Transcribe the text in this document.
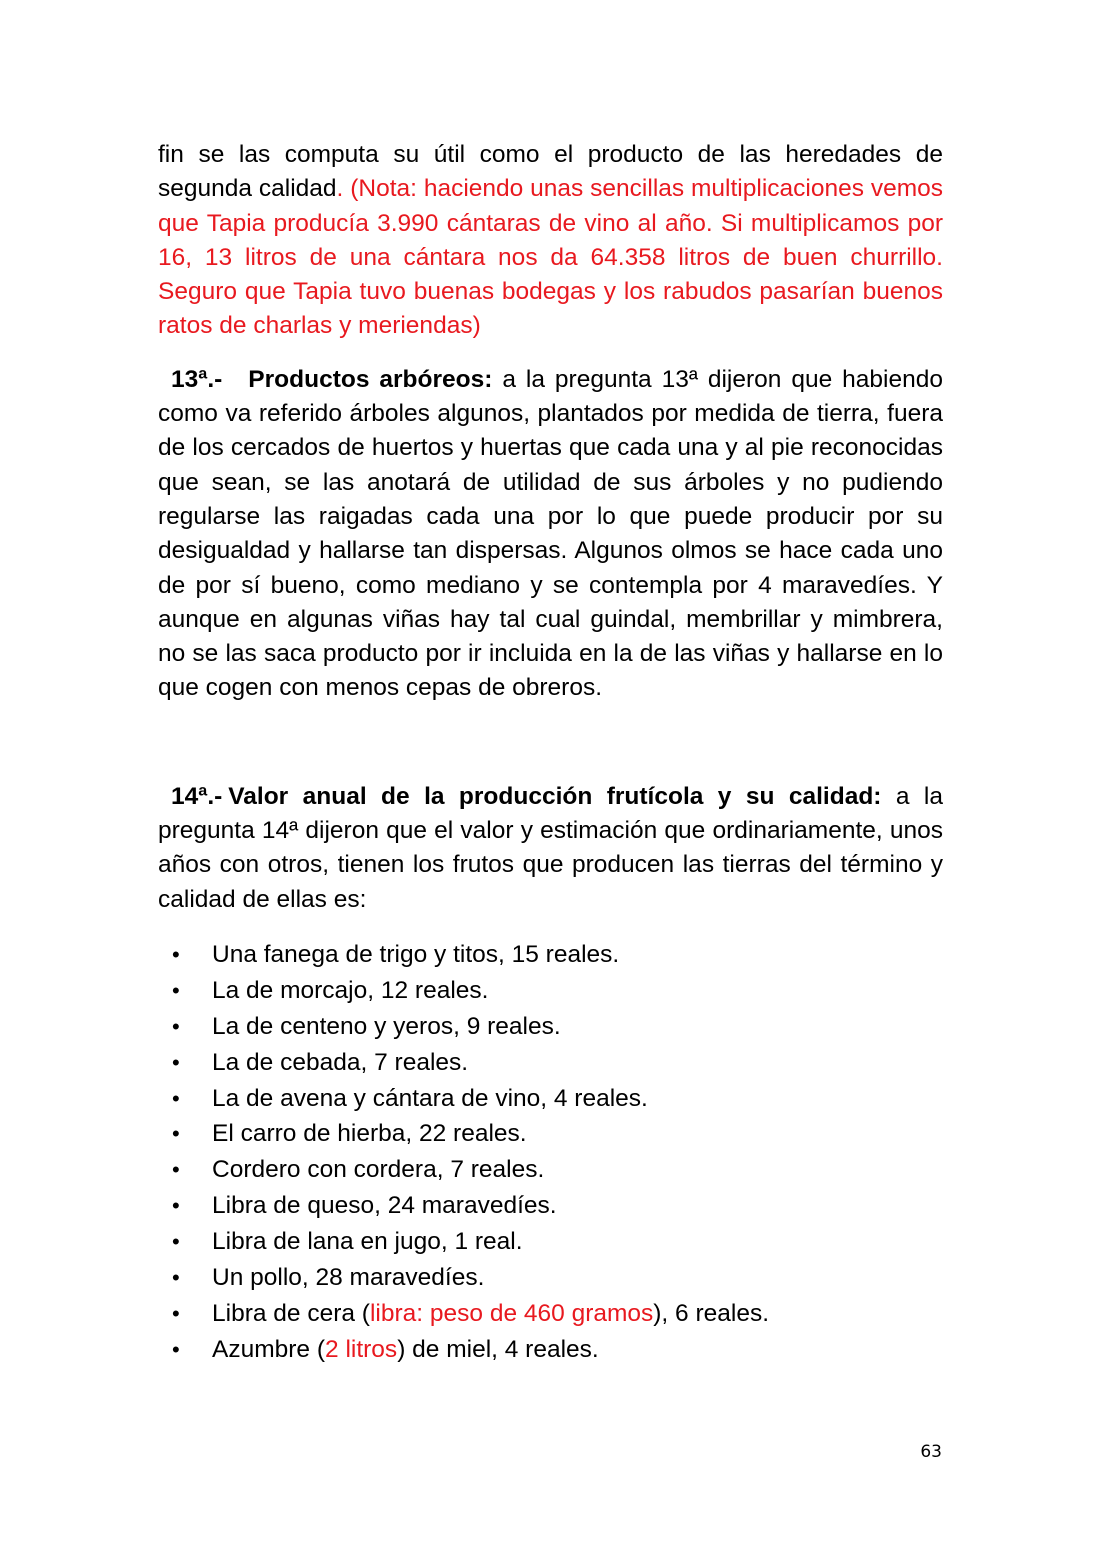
fin se las computa su útil como el producto de las heredades de segunda calidad. (Nota: haciendo unas sencillas multiplicaciones vemos que Tapia producía 3.990 cántaras de vino al año. Si multiplicamos por 16, 13 litros de una cántara nos da 64.358 litros de buen churrillo. Seguro que Tapia tuvo buenas bodegas y los rabudos pasarían buenos ratos de charlas y meriendas)

13ª.- Productos arbóreos: a la pregunta 13ª dijeron que habiendo como va referido árboles algunos, plantados por medida de tierra, fuera de los cercados de huertos y huertas que cada una y al pie reconocidas que sean, se las anotará de utilidad de sus árboles y no pudiendo regularse las raigadas cada una por lo que puede producir por su desigualdad y hallarse tan dispersas. Algunos olmos se hace cada uno de por sí bueno, como mediano y se contempla por 4 maravedíes. Y aunque en algunas viñas hay tal cual guindal, membrillar y mimbrera, no se las saca producto por ir incluida en la de las viñas y hallarse en lo que cogen con menos cepas de obreros.

14ª.- Valor anual de la producción frutícola y su calidad: a la pregunta 14ª dijeron que el valor y estimación que ordinariamente, unos años con otros, tienen los frutos que producen las tierras del término y calidad de ellas es:

• Una fanega de trigo y titos, 15 reales.
• La de morcajo, 12 reales.
• La de centeno y yeros, 9 reales.
• La de cebada, 7 reales.
• La de avena y cántara de vino, 4 reales.
• El carro de hierba, 22 reales.
• Cordero con cordera, 7 reales.
• Libra de queso, 24 maravedíes.
• Libra de lana en jugo, 1 real.
• Un pollo, 28 maravedíes.
• Libra de cera (libra: peso de 460 gramos), 6 reales.
• Azumbre (2 litros) de miel, 4 reales.
63
